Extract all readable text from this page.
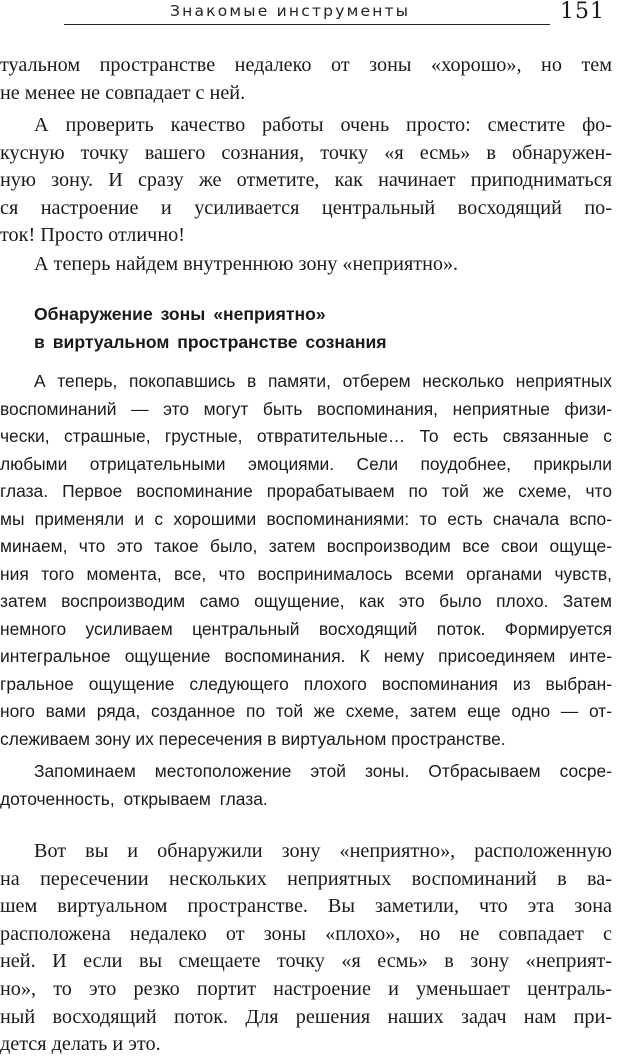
Знакомые инструменты	151
туальном пространстве недалеко от зоны «хорошо», но тем
не менее не совпадает с ней.
А проверить качество работы очень просто: сместите фо-
кусную точку вашего сознания, точку «я есмь» в обнаружен-
ную зону. И сразу же отметите, как начинает приподниматься
ся настроение и усиливается центральный восходящий по-
ток! Просто отлично!
А теперь найдем внутреннюю зону «неприятно».
Обнаружение зоны «неприятно»
в виртуальном пространстве сознания
А теперь, покопавшись в памяти, отберем несколько неприятных
воспоминаний — это могут быть воспоминания, неприятные физи-
чески, страшные, грустные, отвратительные… То есть связанные с
любыми отрицательными эмоциями. Сели поудобнее, прикрыли
глаза. Первое воспоминание прорабатываем по той же схеме, что
мы применяли и с хорошими воспоминаниями: то есть сначала вспо-
минаем, что это такое было, затем воспроизводим все свои ощуще-
ния того момента, все, что воспринималось всеми органами чувств,
затем воспроизводим само ощущение, как это было плохо. Затем
немного усиливаем центральный восходящий поток. Формируется
интегральное ощущение воспоминания. К нему присоединяем инте-
гральное ощущение следующего плохого воспоминания из выбран-
ного вами ряда, созданное по той же схеме, затем еще одно — от-
слеживаем зону их пересечения в виртуальном пространстве.
Запоминаем местоположение этой зоны. Отбрасываем сосре-
доточенность, открываем глаза.
Вот вы и обнаружили зону «неприятно», расположенную
на пересечении нескольких неприятных воспоминаний в ва-
шем виртуальном пространстве. Вы заметили, что эта зона
расположена недалеко от зоны «плохо», но не совпадает с
ней. И если вы смещаете точку «я есмь» в зону «неприят-
но», то это резко портит настроение и уменьшает централь-
ный восходящий поток. Для решения наших задач нам при-
дется делать и это.
